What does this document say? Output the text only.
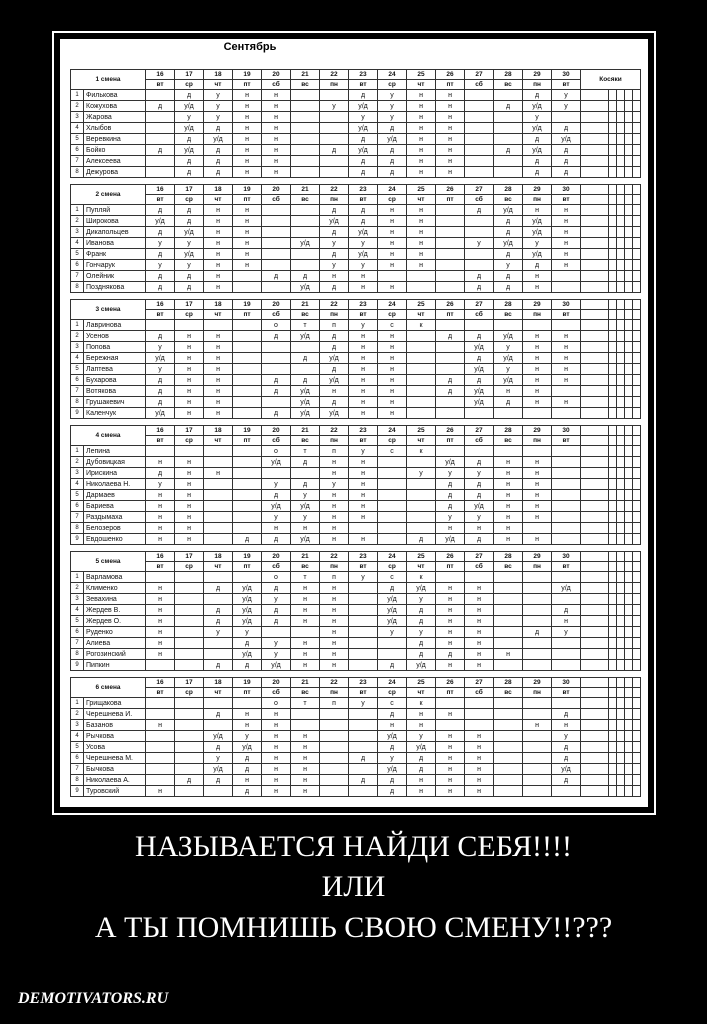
Сентябрь
1 смена		16	17	18	19	20	21	22	23	24	25	26	27	28	29	30	Косяки				
		вт	ср	чт	пт	сб	вс	пн	вт	ср	чт	пт	сб	вс	пн	вт					
1	Филькова		д	у	н	н			д	у	н	н			д	у					
2	Кожухова	д	у/д	у	н	н		у	у/д	у	н	н		д	у/д	у					
3	Жарова		у	у	н	н			у	у	н	н			у						
4	Хлыбов		у/д	д	н	н			у/д	д	н	н			у/д	д					
5	Веревкина		д	у/д	н	н			д	у/д	н	н			д	у/д					
6	Бойко	д	у/д	д	н	н		д	у/д	д	н	н		д	у/д	д					
7	Алексеева		д	д	н	н			д	д	н	н			д	д					
8	Дежурова		д	д	н	н			д	д	н	н			д	д					

2 смена		16	17	18	19	20	21	22	23	24	25	26	27	28	29	30					
		вт	ср	чт	пт	сб	вс	пн	вт	ср	чт	пт	сб	вс	пн	вт					
1	Пупляй	д	д	н	н			д	д	н	н		д	у/д	н	н					
2	Широкова	у/д	д	н	н			у/д	д	н	н			д	у/д	н					
3	Дикапольцев	д	у/д	н	н			д	у/д	н	н			д	у/д	н					
4	Иванова	у	у	н	н		у/д	у	у	н	н		у	у/д	у	н					
5	Франк	д	у/д	н	н			д	у/д	н	н			д	у/д	н					
6	Гончарук	у	у	н	н			у	у	н	н			у	д	н					
7	Олейник	д	д	н		д	д	н	н				д	д	н						
8	Позднякова	д	д	н			у/д	д	н	н			д	д	н						

3 смена		16	17	18	19	20	21	22	23	24	25	26	27	28	29	30					
		вт	ср	чт	пт	сб	вс	пн	вт	ср	чт	пт	сб	вс	пн	вт					
1	Лавринова					о	т	п	у	с	к										
2	Усенов	д	н	н		д	у/д	д	н	н		д	д	у/д	н	н					
3	Попова	у	н	н				д	н	н			у/д	у	н	н					
4	Бережная	у/д	н	н			д	у/д	н	н			д	у/д	н	н					
5	Лаптева	у	н	н				д	н	н			у/д	у	н	н					
6	Бухарова	д	н	н		д	д	у/д	н	н		д	д	у/д	н	н					
7	Вотякова	д	н	н		д	у/д	н	н	н		д	у/д	н	н						
8	Грушакевич	д	н	н			у/д	д	н	н			у/д	д	н	н					
9	Каленчук	у/д	н	н		д	у/д	у/д	н	н											

4 смена		16	17	18	19	20	21	22	23	24	25	26	27	28	29	30					
		вт	ср	чт	пт	сб	вс	пн	вт	ср	чт	пт	сб	вс	пн	вт					
1	Лепина					о	т	п	у	с	к										
2	Дубовицкая	н	н			у/д	д	н	н			у/д	д	н	н						
3	Ирискина	д	н	н				н	н		у	у	у	н	н						
4	Николаева Н.	у	н			у	д	у	н			д	д	н	н						
5	Дармаев	н	н			д	у	н	н			д	д	н	н						
6	Бариева	н	н			у/д	у/д	н	н			д	у/д	н	н						
7	Раздымаха	н	н			у	у	н	н			у	у	н	н						
8	Белозеров	н	н			н	н	н				н	н	н							
9	Евдошенко	н	н		д	д	у/д	н	н		д	у/д	д	н	н						

5 смена		16	17	18	19	20	21	22	23	24	25	26	27	28	29	30					
		вт	ср	чт	пт	сб	вс	пн	вт	ср	чт	пт	сб	вс	пн	вт					
1	Варламова					о	т	п	у	с	к										
2	Клименко	н		д	у/д	д	н	н		д	у/д	н	н			у/д					
3	Зевахина	н			у/д	у	н	н		у/д	у	н	н								
4	Жердев В.	н		д	у/д	д	н	н		у/д	д	н	н			д					
5	Жердев О.	н		д	у/д	д	н	н		у/д	д	н	н			н					
6	Руденко	н		у	у			н		у	у	н	н		д	у					
7	Алиева	н			д	у	н	н			д	н	н								
8	Рогозинский	н			у/д	у	н	н			д	д	н	н							
9	Пипкин			д	д	у/д	н	н		д	у/д	н	н								

6 смена		16	17	18	19	20	21	22	23	24	25	26	27	28	29	30					
		вт	ср	чт	пт	сб	вс	пн	вт	ср	чт	пт	сб	вс	пн	вт					
1	Грищакова					о	т	п	у	с	к										
2	Черешнева И.			д	н	н				д	н	н				д					
3	Базанов	н			н	н				н	н				н	н					
4	Рычкова			у/д	у	н	н			у/д	у	н	н			у					
5	Усова			д	у/д	н	н			д	у/д	н	н			д					
6	Черешнева М.			у	д	н	н		д	у	д	н	н			д					
7	Бычкова			у/д	д	н	н			у/д	д	н	н			у/д					
8	Николаева А.		д	д	н	н	н		д	д	н	н	н			д					
9	Туровский	н			д	н	н			д	н	н	н								
НАЗЫВАЕТСЯ НАЙДИ СЕБЯ!!!!
ИЛИ
А ТЫ ПОМНИШЬ СВОЮ СМЕНУ!!???
DEMOTIVATORS.RU
